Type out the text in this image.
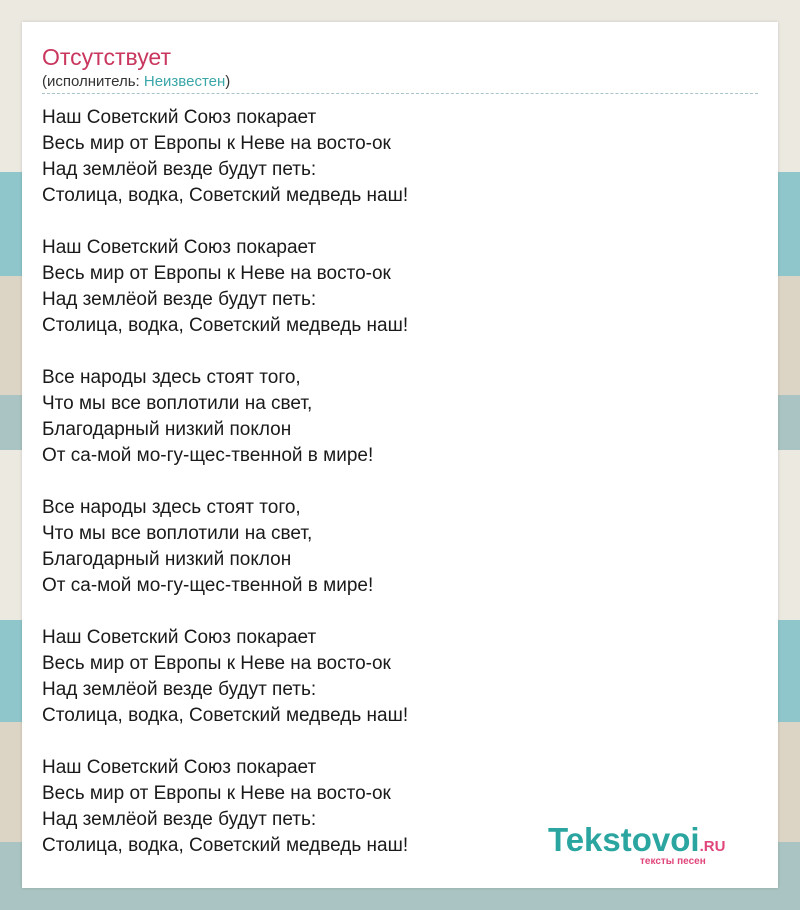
Отсутствует
(исполнитель: Неизвестен)
Наш Советский Союз покарает
Весь мир от Европы к Неве на восто-ок
Над землёой везде будут петь:
Столица, водка, Советский медведь наш!
Наш Советский Союз покарает
Весь мир от Европы к Неве на восто-ок
Над землёой везде будут петь:
Столица, водка, Советский медведь наш!
Все народы здесь стоят того,
Что мы все воплотили на свет,
Благодарный низкий поклон
От са-мой мо-гу-щес-твенной в мире!
Все народы здесь стоят того,
Что мы все воплотили на свет,
Благодарный низкий поклон
От са-мой мо-гу-щес-твенной в мире!
Наш Советский Союз покарает
Весь мир от Европы к Неве на восто-ок
Над землёой везде будут петь:
Столица, водка, Советский медведь наш!
Наш Советский Союз покарает
Весь мир от Европы к Неве на восто-ок
Над землёой везде будут петь:
Столица, водка, Советский медведь наш!	Tekstovoi.RU
тексты песен
